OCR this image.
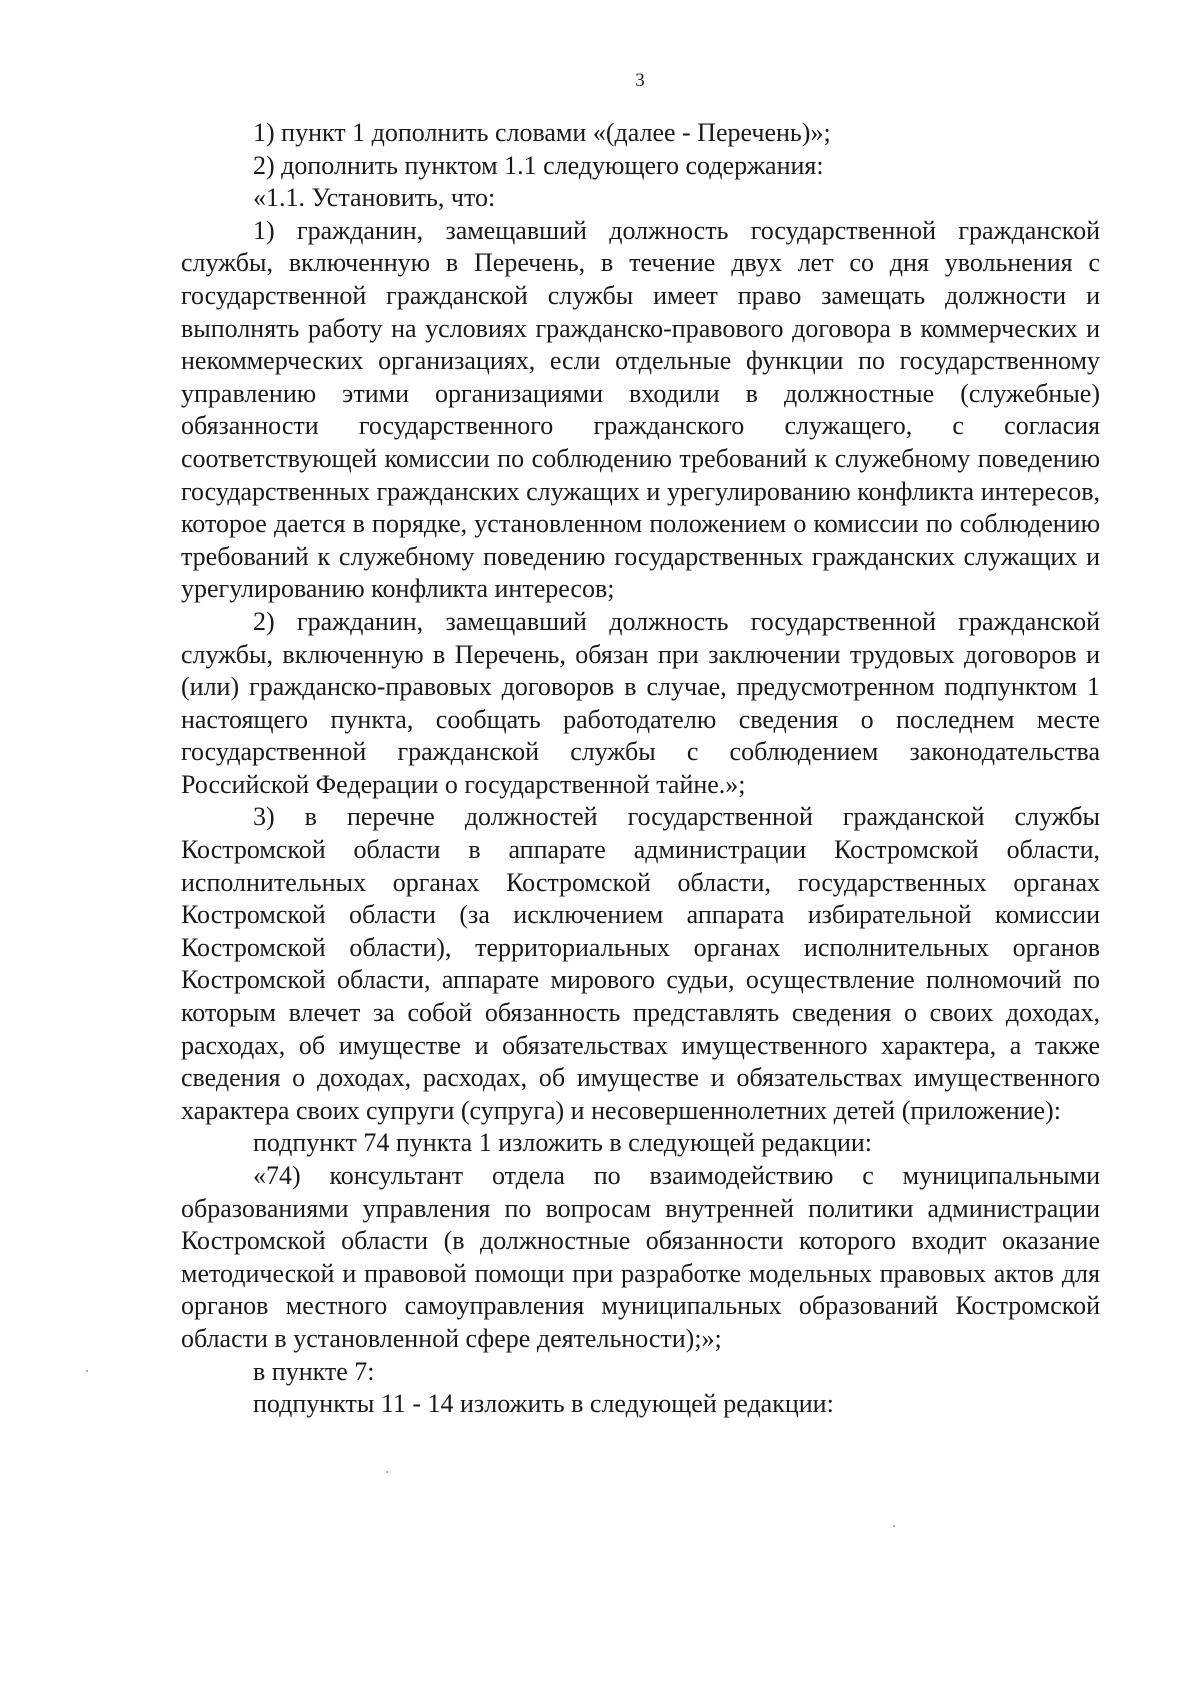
3

1) пункт 1 дополнить словами «(далее - Перечень)»;

2) дополнить пунктом 1.1 следующего содержания:

«1.1. Установить, что:

1) гражданин, замещавший должность государственной гражданской службы, включенную в Перечень, в течение двух лет со дня увольнения с государственной гражданской службы имеет право замещать должности и выполнять работу на условиях гражданско-правового договора в коммерческих и некоммерческих организациях, если отдельные функции по государственному управлению этими организациями входили в должностные (служебные) обязанности государственного гражданского служащего, с согласия соответствующей комиссии по соблюдению требований к служебному поведению государственных гражданских служащих и урегулированию конфликта интересов, которое дается в порядке, установленном положением о комиссии по соблюдению требований к служебному поведению государственных гражданских служащих и урегулированию конфликта интересов;

2) гражданин, замещавший должность государственной гражданской службы, включенную в Перечень, обязан при заключении трудовых договоров и (или) гражданско-правовых договоров в случае, предусмотренном подпунктом 1 настоящего пункта, сообщать работодателю сведения о последнем месте государственной гражданской службы с соблюдением законодательства Российской Федерации о государственной тайне.»;

3) в перечне должностей государственной гражданской службы Костромской области в аппарате администрации Костромской области, исполнительных органах Костромской области, государственных органах Костромской области (за исключением аппарата избирательной комиссии Костромской области), территориальных органах исполнительных органов Костромской области, аппарате мирового судьи, осуществление полномочий по которым влечет за собой обязанность представлять сведения о своих доходах, расходах, об имуществе и обязательствах имущественного характера, а также сведения о доходах, расходах, об имуществе и обязательствах имущественного характера своих супруги (супруга) и несовершеннолетних детей (приложение):

подпункт 74 пункта 1 изложить в следующей редакции:

«74) консультант отдела по взаимодействию с муниципальными образованиями управления по вопросам внутренней политики администрации Костромской области (в должностные обязанности которого входит оказание методической и правовой помощи при разработке модельных правовых актов для органов местного самоуправления муниципальных образований Костромской области в установленной сфере деятельности);»;

в пункте 7:

подпункты 11 - 14 изложить в следующей редакции:
